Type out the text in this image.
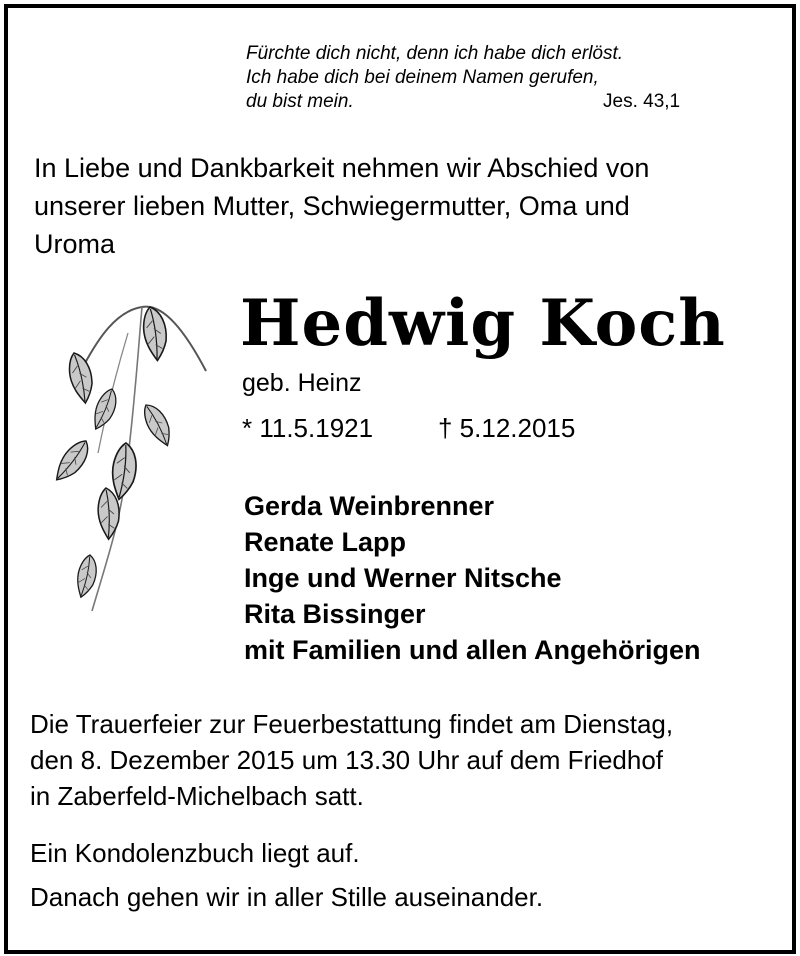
Fürchte dich nicht, denn ich habe dich erlöst.
Ich habe dich bei deinem Namen gerufen,
du bist mein.	Jes. 43,1
In Liebe und Dankbarkeit nehmen wir Abschied von
unserer lieben Mutter, Schwiegermutter, Oma und
Uroma
Hedwig Koch
geb. Heinz
* 11.5.1921 † 5.12.2015
Gerda Weinbrenner
Renate Lapp
Inge und Werner Nitsche
Rita Bissinger
mit Familien und allen Angehörigen
Die Trauerfeier zur Feuerbestattung findet am Dienstag,
den 8. Dezember 2015 um 13.30 Uhr auf dem Friedhof
in Zaberfeld-Michelbach satt.
Ein Kondolenzbuch liegt auf.
Danach gehen wir in aller Stille auseinander.
